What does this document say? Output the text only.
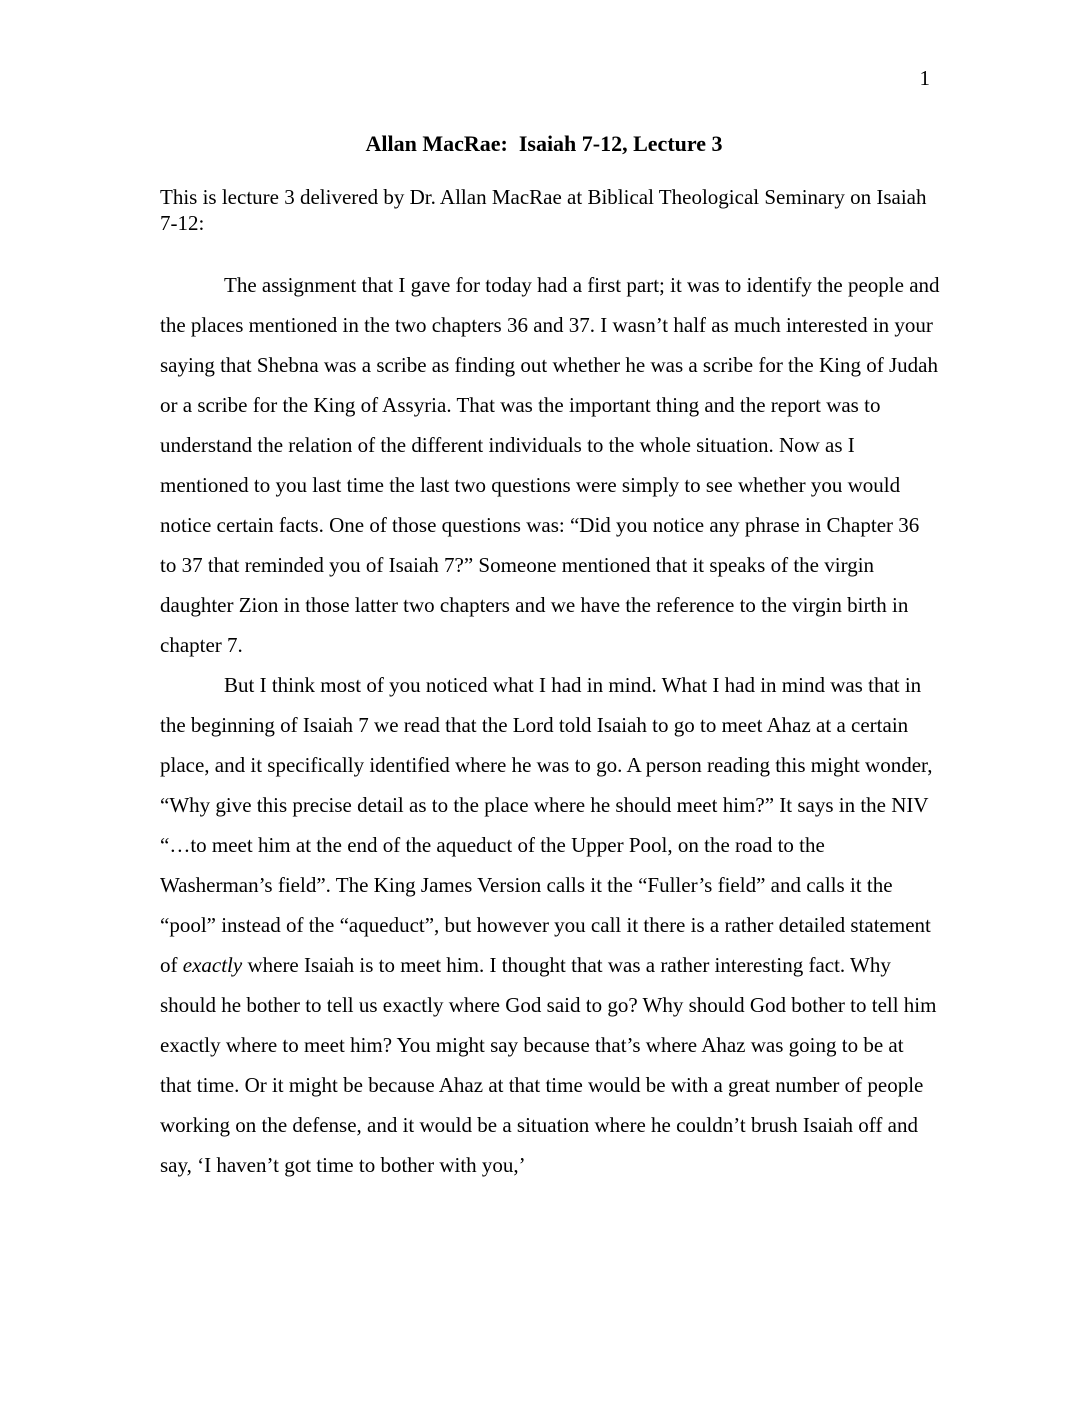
1
Allan MacRae:  Isaiah 7-12, Lecture 3

This is lecture 3 delivered by Dr. Allan MacRae at Biblical Theological Seminary on Isaiah 7-12:

The assignment that I gave for today had a first part; it was to identify the people and the places mentioned in the two chapters 36 and 37. I wasn’t half as much interested in your saying that Shebna was a scribe as finding out whether he was a scribe for the King of Judah or a scribe for the King of Assyria. That was the important thing and the report was to understand the relation of the different individuals to the whole situation. Now as I mentioned to you last time the last two questions were simply to see whether you would notice certain facts. One of those questions was: “Did you notice any phrase in Chapter 36 to 37 that reminded you of Isaiah 7?” Someone mentioned that it speaks of the virgin daughter Zion in those latter two chapters and we have the reference to the virgin birth in chapter 7.

But I think most of you noticed what I had in mind. What I had in mind was that in the beginning of Isaiah 7 we read that the Lord told Isaiah to go to meet Ahaz at a certain place, and it specifically identified where he was to go. A person reading this might wonder, “Why give this precise detail as to the place where he should meet him?” It says in the NIV “…to meet him at the end of the aqueduct of the Upper Pool, on the road to the Washerman’s field”. The King James Version calls it the “Fuller’s field” and calls it the “pool” instead of the “aqueduct”, but however you call it there is a rather detailed statement of exactly where Isaiah is to meet him. I thought that was a rather interesting fact. Why should he bother to tell us exactly where God said to go? Why should God bother to tell him exactly where to meet him? You might say because that’s where Ahaz was going to be at that time. Or it might be because Ahaz at that time would be with a great number of people working on the defense, and it would be a situation where he couldn’t brush Isaiah off and say, ‘I haven’t got time to bother with you,’
